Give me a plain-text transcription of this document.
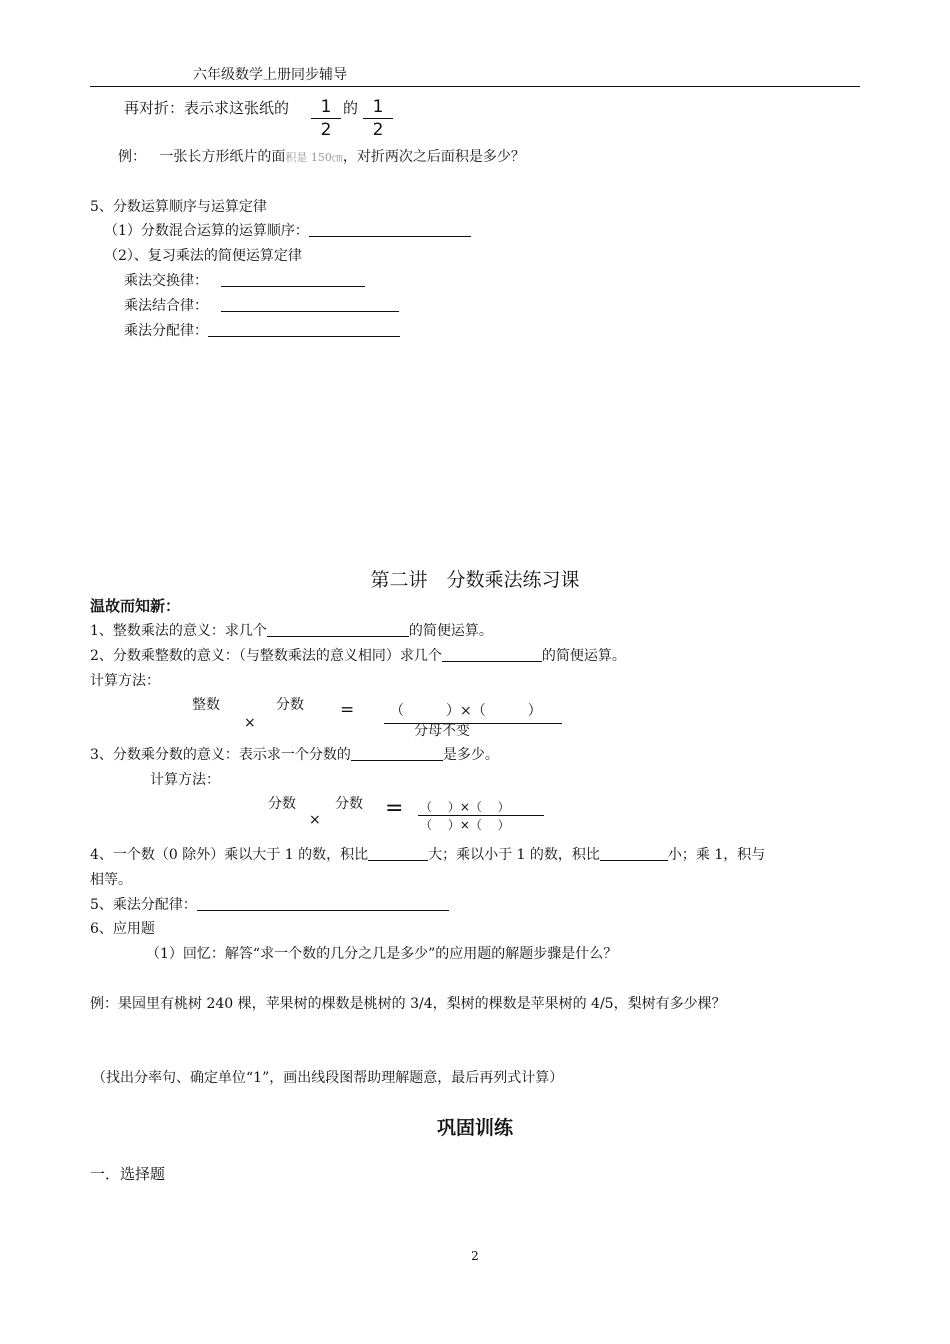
六年级数学上册同步辅导
再对折：表示求这张纸的	1
2
的 1
2
例： 一张长方形纸片的面积是 150㎝，对折两次之后面积是多少？
5、分数运算顺序与运算定律
（1）分数混合运算的运算顺序：
（2）、复习乘法的简便运算定律
乘法交换律：
乘法结合律：
乘法分配律：
第二讲　分数乘法练习课
温故而知新：
1、整数乘法的意义：求几个	的简便运算。
2、分数乘整数的意义：（与整数乘法的意义相同）求几个	的简便运算。
计算方法：
整数
×
分数 =	（　　　）×（　　　）
分母不变
3、分数乘分数的意义：表示求一个分数的	是多少。
计算方法：
分数
×
分数 = （　 ）×（　 ）
（　 ）×（　 ）
4、一个数（0 除外）乘以大于 1 的数，积比	大；乘以小于 1 的数，积比	小；乘 1，积与
相等。
5、乘法分配律：
6、应用题
（1）回忆：解答“求一个数的几分之几是多少”的应用题的解题步骤是什么？
例：果园里有桃树 240 棵，苹果树的棵数是桃树的 3/4，梨树的棵数是苹果树的 4/5，梨树有多少棵？
（找出分率句、确定单位“1”，画出线段图帮助理解题意，最后再列式计算）
巩固训练
一．选择题
2
